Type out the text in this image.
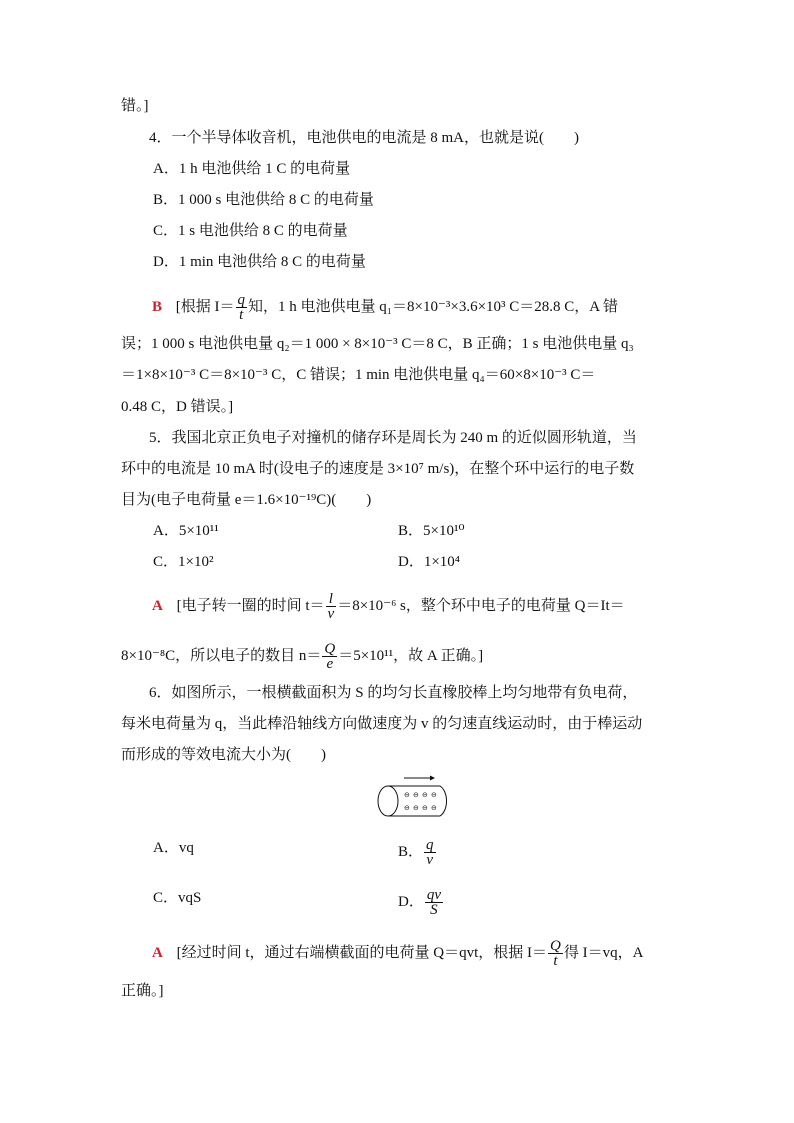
错。]
4．一个半导体收音机，电池供电的电流是 8 mA，也就是说(　　)
A．1 h 电池供给 1 C 的电荷量
B．1 000 s 电池供给 8 C 的电荷量
C．1 s 电池供给 8 C 的电荷量
D．1 min 电池供给 8 C 的电荷量
B [根据 $I= \frac{q}{t}$ 知，1 h 电池供电量 q₁＝8×10⁻³×3.6×10³ C＝28.8 C，A 错
误；1 000 s 电池供电量 q₂＝1 000 × 8×10⁻³ C＝8 C，B 正确；1 s 电池供电量 q₃
＝1×8×10⁻³ C＝8×10⁻³ C，C 错误；1 min 电池供电量 q₄＝60×8×10⁻³ C＝
0.48 C，D 错误。]
5．我国北京正负电子对撞机的储存环是周长为 240 m 的近似圆形轨道，当
环中的电流是 10 mA 时(设电子的速度是 3×10⁷ m/s)，在整个环中运行的电子数
目为(电子电荷量 e＝1.6×10⁻¹⁹C)(　　)
A．5×10¹¹	B．5×10¹⁰
C．1×10²	D．1×10⁴
A [电子转一圈的时间 $t= \frac{l}{v} =8\times 10^{-6}$ s，整个环中电子的电荷量 Q＝It＝
8×10⁻⁸C，所以电子的数目 $n= \frac{Q}{e} =5\times 10^{11}$，故 A 正确。]
6．如图所示，一根横截面积为 S 的均匀长直橡胶棒上均匀地带有负电荷，
每米电荷量为 q，当此棒沿轴线方向做速度为 v 的匀速直线运动时，由于棒运动
而形成的等效电流大小为(　　)
⊖ ⊖ ⊖ ⊖
⊖ ⊖ ⊖ ⊖
A．vq	B． $\frac{q}{v}$
C．vqS	D． $\frac{qv}{S}$
A [经过时间 t，通过右端横截面的电荷量 Q＝qvt，根据 $I= \frac{Q}{t}$ 得 I＝vq，A
正确。]
